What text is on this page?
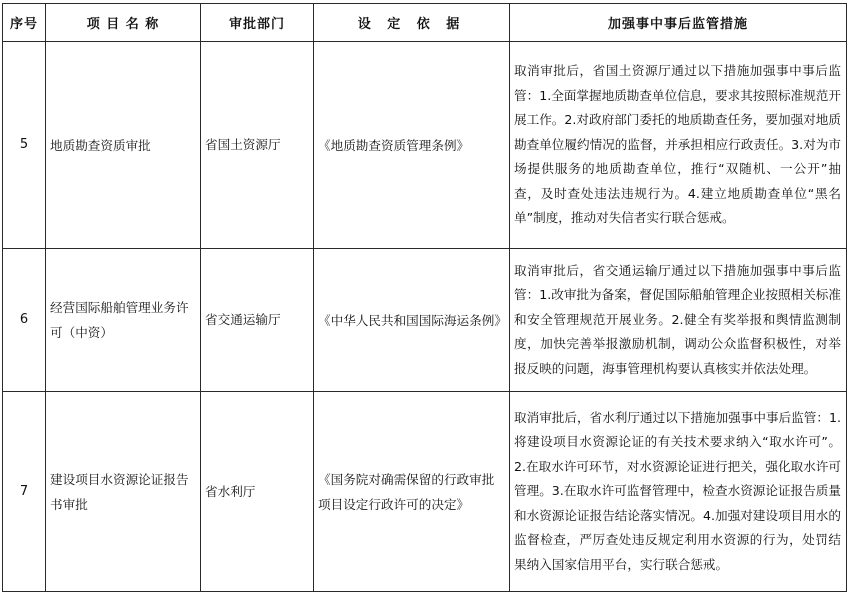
序号	项 目 名 称	审批部门	设 定 依 据	加强事中事后监管措施
5	地质勘查资质审批	省国土资源厅	《地质勘查资质管理条例》	取消审批后，省国土资源厅通过以下措施加强事中事后监管：1.全面掌握地质勘查单位信息，要求其按照标准规范开展工作。2.对政府部门委托的地质勘查任务，要加强对地质勘查单位履约情况的监督，并承担相应行政责任。3.对为市场提供服务的地质勘查单位，推行“双随机、一公开”抽查，及时查处违法违规行为。4.建立地质勘查单位“黑名单”制度，推动对失信者实行联合惩戒。
6	经营国际船舶管理业务许可（中资）	省交通运输厅	《中华人民共和国国际海运条例》	取消审批后，省交通运输厅通过以下措施加强事中事后监管：1.改审批为备案，督促国际船舶管理企业按照相关标准和安全管理规范开展业务。2.健全有奖举报和舆情监测制度，加快完善举报激励机制，调动公众监督积极性，对举报反映的问题，海事管理机构要认真核实并依法处理。
7	建设项目水资源论证报告书审批	省水利厅	《国务院对确需保留的行政审批项目设定行政许可的决定》	取消审批后，省水利厅通过以下措施加强事中事后监管：1.将建设项目水资源论证的有关技术要求纳入“取水许可”。2.在取水许可环节，对水资源论证进行把关，强化取水许可管理。3.在取水许可监督管理中，检查水资源论证报告质量和水资源论证报告结论落实情况。4.加强对建设项目用水的监督检查，严厉查处违反规定利用水资源的行为，处罚结果纳入国家信用平台，实行联合惩戒。
